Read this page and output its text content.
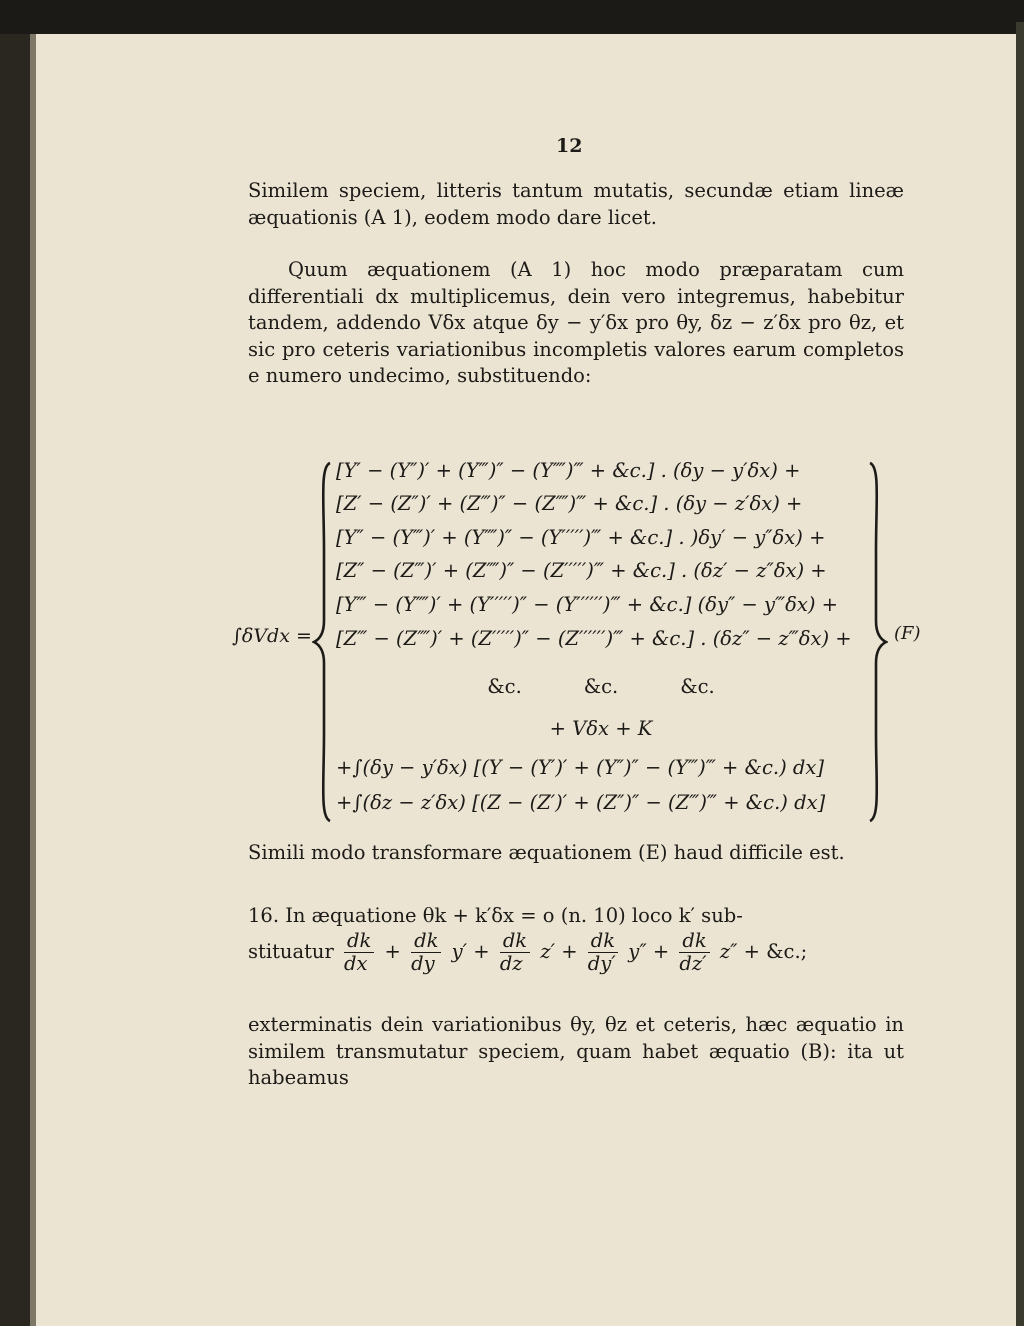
12
Similem speciem, litteris tantum mutatis, secundæ etiam lineæ æquationis (A 1), eodem modo dare licet.
Quum æquationem (A 1) hoc modo præparatam cum differentiali dx multiplicemus, dein vero integremus, habebitur tandem, addendo Vδx atque δy − y′δx pro θy, δz − z′δx pro θz, et sic pro ceteris variationibus incompletis valores earum completos e numero undecimo, substituendo:
∫δVdx =
[Y′ − (Y″)′ + (Y‴)″ − (Y⁗)‴ + &c.] . (δy − y′δx) +
[Z′ − (Z″)′ + (Z‴)″ − (Z⁗)‴ + &c.] . (δy − z′δx) +
[Y″ − (Y‴)′ + (Y⁗)″ − (Y′′′′′)‴ + &c.] . )δy′ − y″δx) +
[Z″ − (Z‴)′ + (Z⁗)″ − (Z′′′′′)‴ + &c.] . (δz′ − z″δx) +
[Y‴ − (Y⁗)′ + (Y′′′′′)″ − (Y′′′′′′)‴ + &c.] (δy″ − y‴δx) +
[Z‴ − (Z⁗)′ + (Z′′′′′)″ − (Z′′′′′′)‴ + &c.] . (δz″ − z‴δx) +
&c.          &c.          &c.
+ Vδx + K
+∫(δy − y′δx) [(Y − (Y′)′ + (Y″)″ − (Y‴)‴ + &c.) dx]
+∫(δz − z′δx) [(Z − (Z′)′ + (Z″)″ − (Z‴)‴ + &c.) dx]
(F)
Simili modo transformare æquationem (E) haud difficile est.
16. In æquatione θk + k′δx = o (n. 10) loco k′ sub-
stituatur $\frac{dk}{dx} + \frac{dk}{dy} y' + \frac{dk}{dz} z' + \frac{dk}{dy'} y'' + \frac{dk}{dz'} z''$ + &c.;
exterminatis dein variationibus θy, θz et ceteris, hæc æquatio in similem transmutatur speciem, quam habet æquatio (B): ita ut habeamus
